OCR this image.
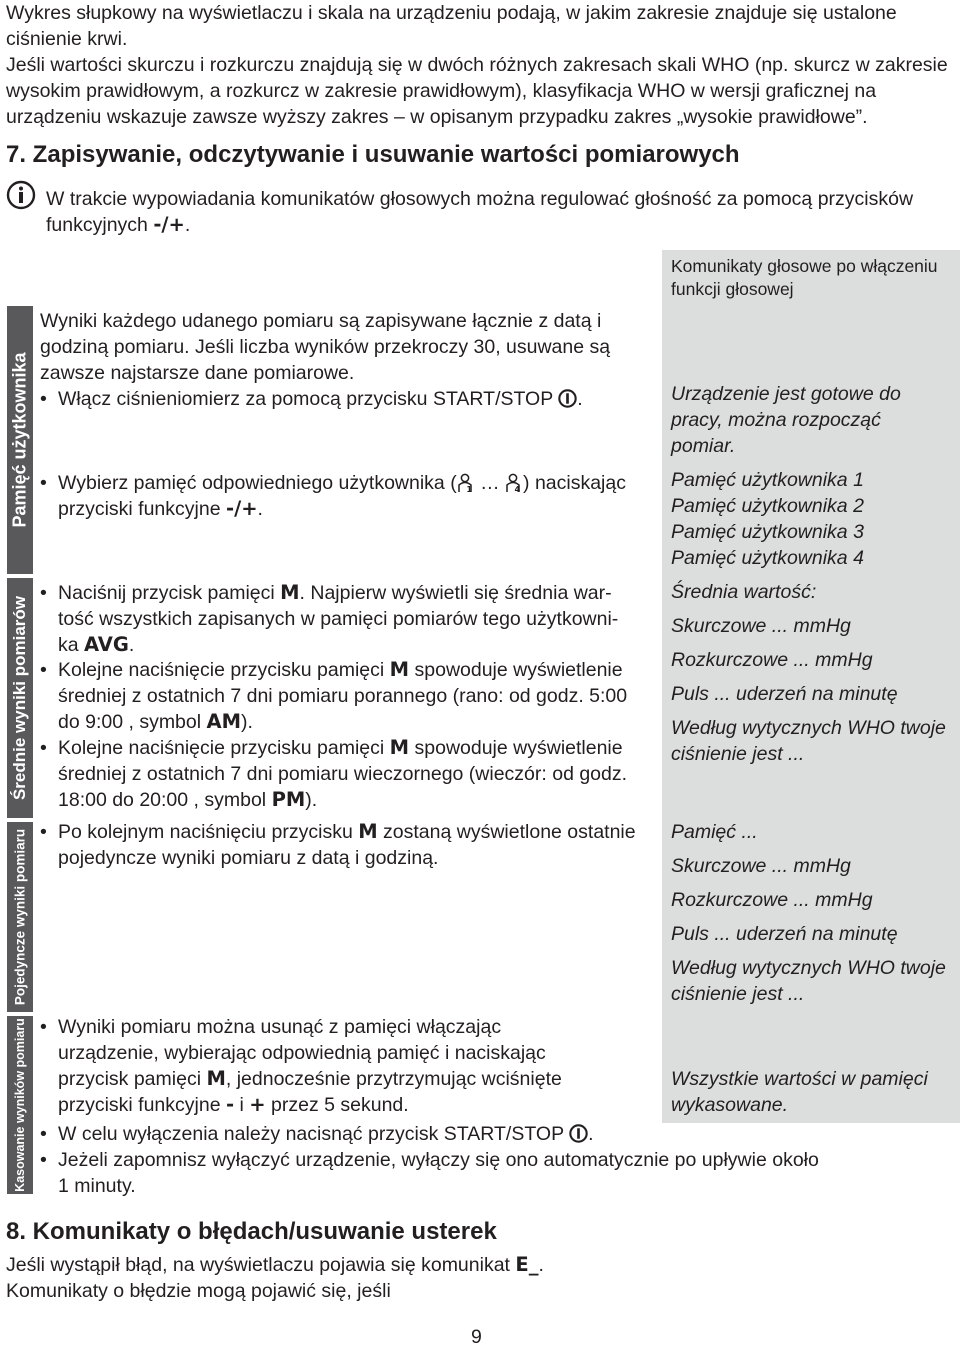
Wykres słupkowy na wyświetlaczu i skala na urządzeniu podają, w jakim zakresie znajduje się ustalone ciśnienie krwi.
Jeśli wartości skurczu i rozkurczu znajdują się w dwóch różnych zakresach skali WHO (np. skurcz w zakresie wysokim prawidłowym, a rozkurcz w zakresie prawidłowym), klasyfikacja WHO w wersji graficznej na urządzeniu wskazuje zawsze wyższy zakres – w opisanym przypadku zakres „wysokie prawidłowe”.

7. Zapisywanie, odczytywanie i usuwanie wartości pomiarowych

W trakcie wypowiadania komunikatów głosowych można regulować głośność za pomocą przycisków funkcyjnych -/+.

Komunikaty głosowe po włączeniu funkcji głosowej

Pamięć użytkownika
Średnie wyniki pomiarów
Pojedyncze wyniki pomiaru
Kasowanie wyników pomiaru

Wyniki każdego udanego pomiaru są zapisywane łącznie z datą i godziną pomiaru. Jeśli liczba wyników przekroczy 30, usuwane są zawsze najstarsze dane pomiarowe.

• Włącz ciśnieniomierz za pomocą przycisku START/STOP .

• Wybierz pamięć odpowiedniego użytkownika ( 1 … 4 ) naciskając
przyciski funkcyjne -/+.

Urządzenie jest gotowe do
pracy, można rozpocząć
pomiar.

Pamięć użytkownika 1
Pamięć użytkownika 2
Pamięć użytkownika 3
Pamięć użytkownika 4

• Naciśnij przycisk pamięci M. Najpierw wyświetli się średnia war-
tość wszystkich zapisanych w pamięci pomiarów tego użytkowni-
ka AVG.

• Kolejne naciśnięcie przycisku pamięci M spowoduje wyświetlenie
średniej z ostatnich 7 dni pomiaru porannego (rano: od godz. 5:00
do 9:00 , symbol AM).

• Kolejne naciśnięcie przycisku pamięci M spowoduje wyświetlenie
średniej z ostatnich 7 dni pomiaru wieczornego (wieczór: od godz.
18:00 do 20:00 , symbol PM).

Średnia wartość:

Skurczowe ... mmHg

Rozkurczowe ... mmHg

Puls ... uderzeń na minutę

Według wytycznych WHO twoje
ciśnienie jest ...

• Po kolejnym naciśnięciu przycisku M zostaną wyświetlone ostatnie
pojedyncze wyniki pomiaru z datą i godziną.

Pamięć ...

Skurczowe ... mmHg

Rozkurczowe ... mmHg

Puls ... uderzeń na minutę

Według wytycznych WHO twoje
ciśnienie jest ...

• Wyniki pomiaru można usunąć z pamięci włączając
urządzenie, wybierając odpowiednią pamięć i naciskając
przycisk pamięci M, jednocześnie przytrzymując wciśnięte
przyciski funkcyjne - i + przez 5 sekund.

Wszystkie wartości w pamięci
wykasowane.

• W celu wyłączenia należy nacisnąć przycisk START/STOP .

• Jeżeli zapomnisz wyłączyć urządzenie, wyłączy się ono automatycznie po upływie około
1 minuty.

8. Komunikaty o błędach/usuwanie usterek

Jeśli wystąpił błąd, na wyświetlaczu pojawia się komunikat E_.
Komunikaty o błędzie mogą pojawić się, jeśli

9
